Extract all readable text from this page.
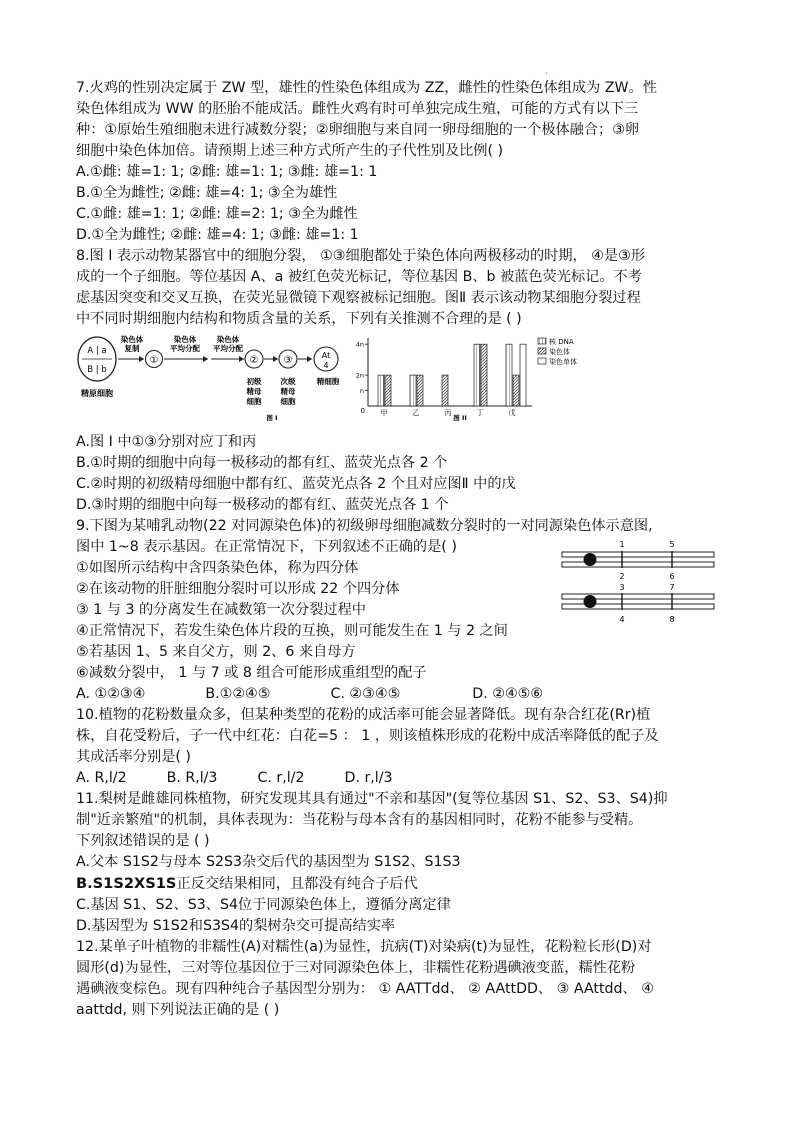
.
7.火鸡的性别决定属于 ZW 型，雄性的性染色体组成为 ZZ，雌性的性染色体组成为 ZW。性
染色体组成为 WW 的胚胎不能成活。雌性火鸡有时可单独完成生殖，可能的方式有以下三
种：①原始生殖细胞未进行减数分裂；②卵细胞与来自同一卵母细胞的一个极体融合；③卵
细胞中染色体加倍。请预期上述三种方式所产生的子代性别及比例( )
A.①雌: 雄=1: 1; ②雌: 雄=1: 1; ③雌: 雄=1: 1
B.①全为雌性; ②雌: 雄=4: 1; ③全为雄性
C.①雌: 雄=1: 1; ②雌: 雄=2: 1; ③全为雌性
D.①全为雌性; ②雌: 雄=4: 1; ③雌: 雄=1: 1
8.图 I 表示动物某器官中的细胞分裂， ①③细胞都处于染色体向两极移动的时期， ④是③形
成的一个子细胞。等位基因 A、a 被红色荧光标记，等位基因 B、b 被蓝色荧光标记。不考
虑基因突变和交叉互换，在荧光显微镜下观察被标记细胞。图Ⅱ 表示该动物某细胞分裂过程
中不同时期细胞内结构和物质含量的关系，下列有关推测不合理的是 ( )
A | a
B | b
精原细胞
染色体
复制
①
染色体
平均分配
染色体
平均分配
②
初级
精母
细胞
③
次级
精母
细胞
At
4
精细胞
图 I
0
n
2n
4n
甲	乙	丙	丁	戊
核 DNA
染色体
染色单体
图 II
A.图 I 中①③分别对应丁和丙
B.①时期的细胞中向每一极移动的都有红、蓝荧光点各 2 个
C.②时期的初级精母细胞中都有红、蓝荧光点各 2 个且对应图Ⅱ 中的戊
D.③时期的细胞中向每一极移动的都有红、蓝荧光点各 1 个
9.下图为某哺乳动物(22 对同源染色体)的初级卵母细胞减数分裂时的一对同源染色体示意图,
图中 1~8 表示基因。在正常情况下，下列叙述不正确的是( )
①如图所示结构中含四条染色体，称为四分体
②在该动物的肝脏细胞分裂时可以形成 22 个四分体
③ 1 与 3 的分离发生在减数第一次分裂过程中
④正常情况下，若发生染色体片段的互换，则可能发生在 1 与 2 之间
⑤若基因 1、5 来自父方，则 2、6 来自母方
⑥减数分裂中， 1 与 7 或 8 组合可能形成重组型的配子
A. ①②③④	B.①②④⑤	C. ②③④⑤	D. ②④⑤⑥
1	5
2	6
3	7
4	8
10.植物的花粉数量众多，但某种类型的花粉的成活率可能会显著降低。现有杂合红花(Rr)植
株，自花受粉后，子一代中红花：白花=5 ： 1 ，则该植株形成的花粉中成活率降低的配子及
其成活率分别是( )
A. R,l/2	B. R,l/3	C. r,l/2	D. r,l/3
11.梨树是雌雄同株植物，研究发现其具有通过"不亲和基因"(复等位基因 S1、S2、S3、S4)抑
制"近亲繁殖"的机制，具体表现为：当花粉与母本含有的基因相同时，花粉不能参与受精。
下列叙述错误的是 ( )
A.父本 S1S2与母本 S2S3杂交后代的基因型为 S1S2、S1S3
B.S1S2XS1S正反交结果相同，且都没有纯合子后代
C.基因 S1、S2、S3、S4位于同源染色体上，遵循分离定律
D.基因型为 S1S2和S3S4的梨树杂交可提高结实率
12.某单子叶植物的非糯性(A)对糯性(a)为显性，抗病(T)对染病(t)为显性，花粉粒长形(D)对
圆形(d)为显性，三对等位基因位于三对同源染色体上，非糯性花粉遇碘液变蓝，糯性花粉
遇碘液变棕色。现有四种纯合子基因型分别为： ① AATTdd、 ② AAttDD、 ③ AAttdd、 ④
aattdd, 则下列说法正确的是 ( )
